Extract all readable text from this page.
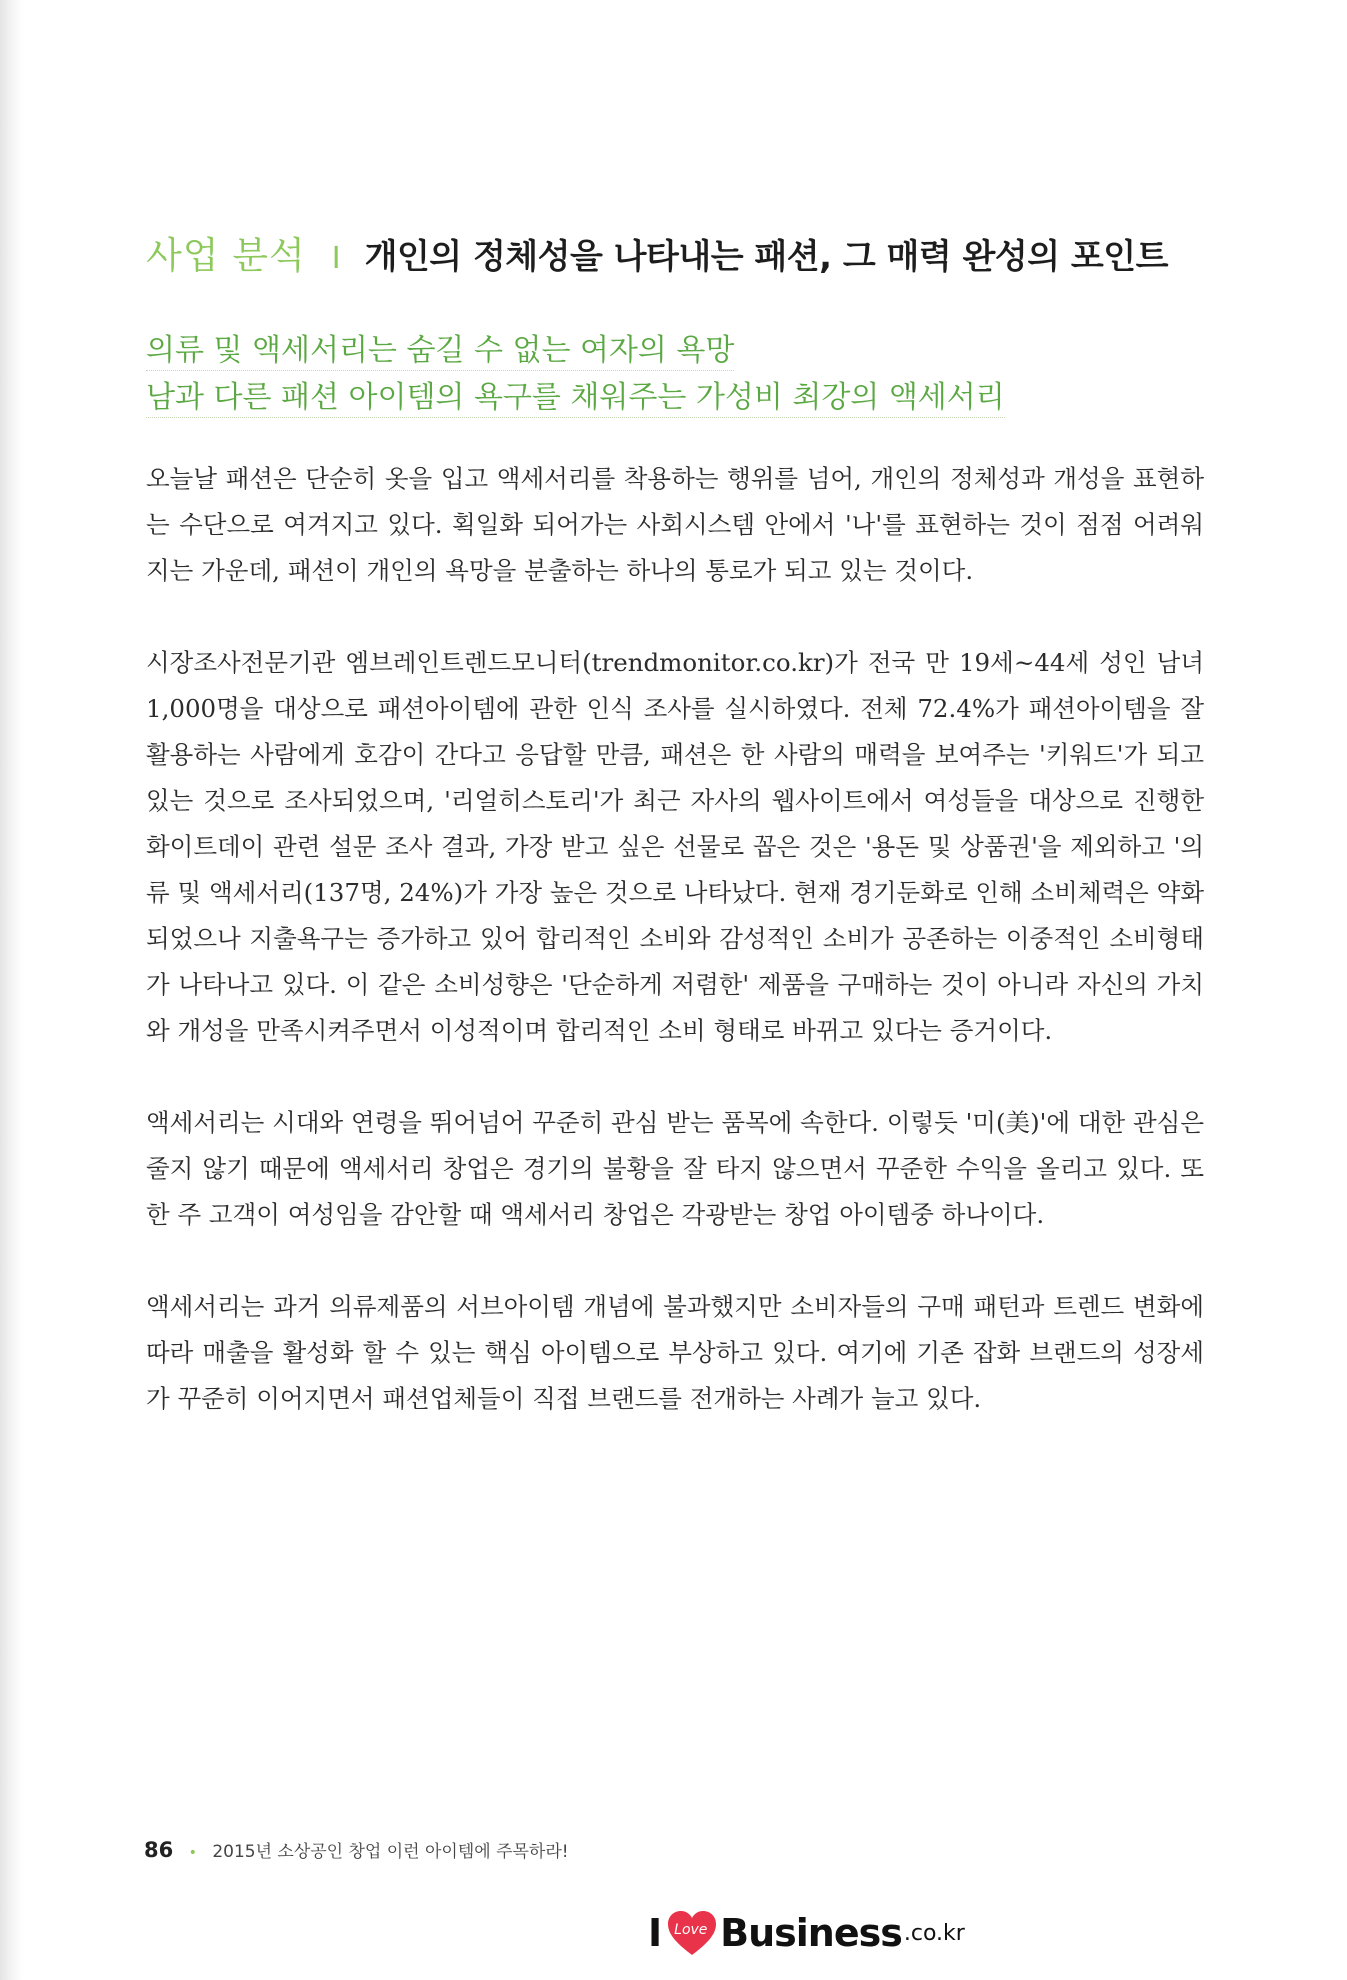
사업 분석 I 개인의 정체성을 나타내는 패션, 그 매력 완성의 포인트
의류 및 액세서리는 숨길 수 없는 여자의 욕망
남과 다른 패션 아이템의 욕구를 채워주는 가성비 최강의 액세서리

오늘날 패션은 단순히 옷을 입고 액세서리를 착용하는 행위를 넘어, 개인의 정체성과 개성을 표현하는 수단으로 여겨지고 있다. 획일화 되어가는 사회시스템 안에서 '나'를 표현하는 것이 점점 어려워지는 가운데, 패션이 개인의 욕망을 분출하는 하나의 통로가 되고 있는 것이다.

시장조사전문기관 엠브레인트렌드모니터(trendmonitor.co.kr)가 전국 만 19세~44세 성인 남녀 1,000명을 대상으로 패션아이템에 관한 인식 조사를 실시하였다. 전체 72.4%가 패션아이템을 잘 활용하는 사람에게 호감이 간다고 응답할 만큼, 패션은 한 사람의 매력을 보여주는 '키워드'가 되고 있는 것으로 조사되었으며, '리얼히스토리'가 최근 자사의 웹사이트에서 여성들을 대상으로 진행한 화이트데이 관련 설문 조사 결과, 가장 받고 싶은 선물로 꼽은 것은 '용돈 및 상품권'을 제외하고 '의류 및 액세서리(137명, 24%)가 가장 높은 것으로 나타났다. 현재 경기둔화로 인해 소비체력은 약화되었으나 지출욕구는 증가하고 있어 합리적인 소비와 감성적인 소비가 공존하는 이중적인 소비형태가 나타나고 있다. 이 같은 소비성향은 '단순하게 저렴한' 제품을 구매하는 것이 아니라 자신의 가치와 개성을 만족시켜주면서 이성적이며 합리적인 소비 형태로 바뀌고 있다는 증거이다.

액세서리는 시대와 연령을 뛰어넘어 꾸준히 관심 받는 품목에 속한다. 이렇듯 '미(美)'에 대한 관심은 줄지 않기 때문에 액세서리 창업은 경기의 불황을 잘 타지 않으면서 꾸준한 수익을 올리고 있다. 또한 주 고객이 여성임을 감안할 때 액세서리 창업은 각광받는 창업 아이템중 하나이다.

액세서리는 과거 의류제품의 서브아이템 개념에 불과했지만 소비자들의 구매 패턴과 트렌드 변화에 따라 매출을 활성화 할 수 있는 핵심 아이템으로 부상하고 있다. 여기에 기존 잡화 브랜드의 성장세가 꾸준히 이어지면서 패션업체들이 직접 브랜드를 전개하는 사례가 늘고 있다.

86 • 2015년 소상공인 창업 이런 아이템에 주목하라!
I Love Business .co.kr
